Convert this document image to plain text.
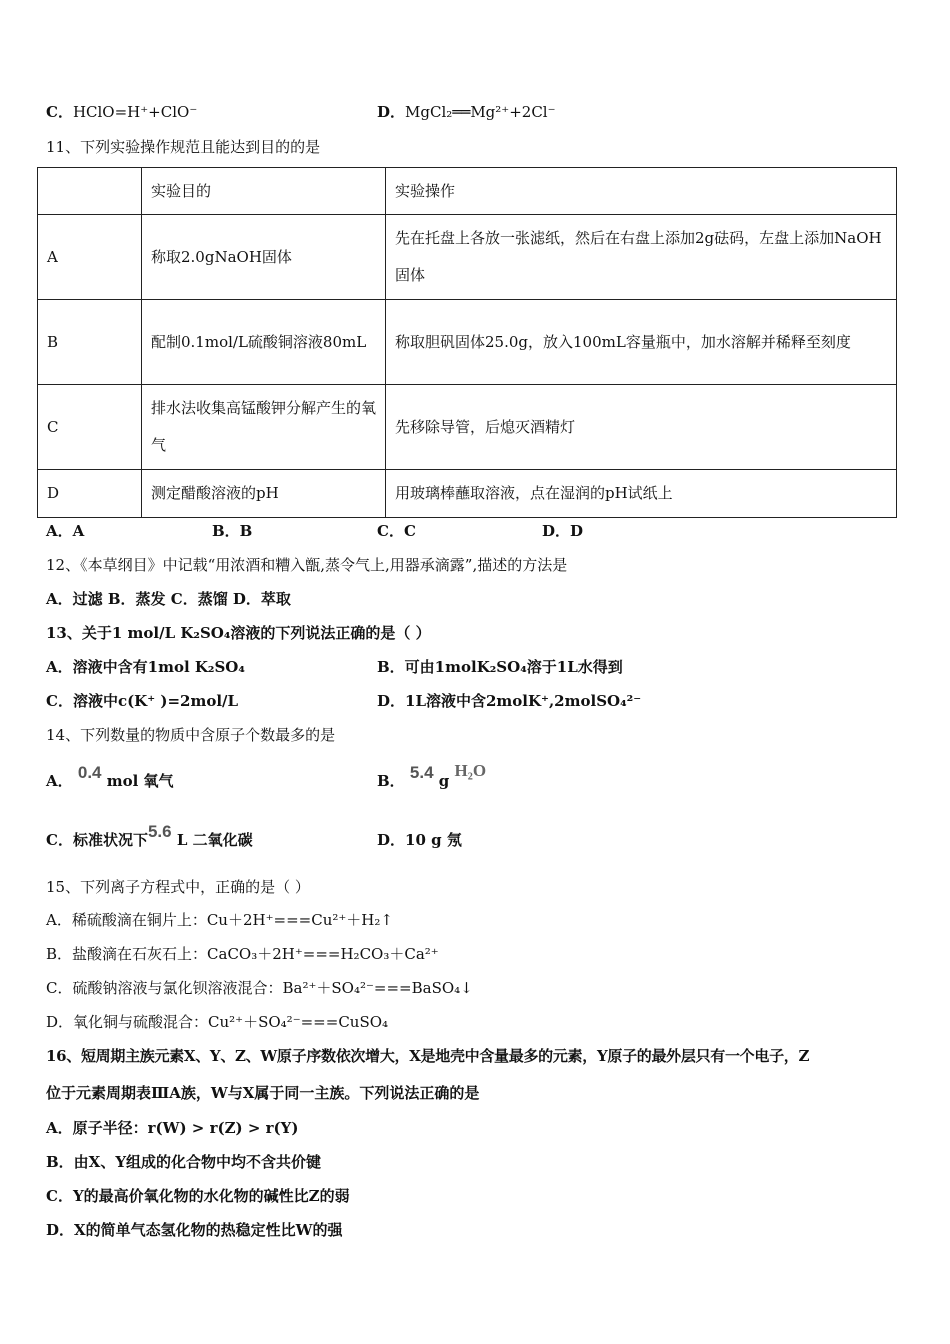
C．HClO=H⁺+ClO⁻	D．MgCl₂══Mg²⁺+2Cl⁻
11、下列实验操作规范且能达到目的的是
	实验目的	实验操作
A	称取2.0gNaOH固体	先在托盘上各放一张滤纸，然后在右盘上添加2g砝码，左盘上添加NaOH固体
B	配制0.1mol/L硫酸铜溶液80mL	称取胆矾固体25.0g，放入100mL容量瓶中，加水溶解并稀释至刻度
C	排水法收集高锰酸钾分解产生的氧气	先移除导管，后熄灭酒精灯
D	测定醋酸溶液的pH	用玻璃棒蘸取溶液，点在湿润的pH试纸上
A．A	B．B	C．C	D．D
12、《本草纲目》中记载“用浓酒和糟入甑,蒸令气上,用器承滴露”,描述的方法是
A．过滤 B．蒸发 C．蒸馏 D．萃取
13、关于1 mol/L K₂SO₄溶液的下列说法正确的是（ ）
A．溶液中含有1mol K₂SO₄	B．可由1molK₂SO₄溶于1L水得到
C．溶液中c(K⁺ )=2mol/L	D．1L溶液中含2molK⁺,2molSO₄²⁻
14、下列数量的物质中含原子个数最多的是
A． 0.4 mol 氧气	B． 5.4 g H₂O
C．标准状况下5.6 L 二氧化碳	D．10 g 氖
15、下列离子方程式中，正确的是（ ）
A．稀硫酸滴在铜片上：Cu＋2H⁺===Cu²⁺＋H₂↑
B．盐酸滴在石灰石上：CaCO₃＋2H⁺===H₂CO₃＋Ca²⁺
C．硫酸钠溶液与氯化钡溶液混合：Ba²⁺＋SO₄²⁻===BaSO₄↓
D．氧化铜与硫酸混合：Cu²⁺＋SO₄²⁻===CuSO₄
16、短周期主族元素X、Y、Z、W原子序数依次增大，X是地壳中含量最多的元素，Y原子的最外层只有一个电子，Z
位于元素周期表ⅢA族，W与X属于同一主族。下列说法正确的是
A．原子半径：r(W) > r(Z) > r(Y)
B．由X、Y组成的化合物中均不含共价键
C．Y的最高价氧化物的水化物的碱性比Z的弱
D．X的简单气态氢化物的热稳定性比W的强
